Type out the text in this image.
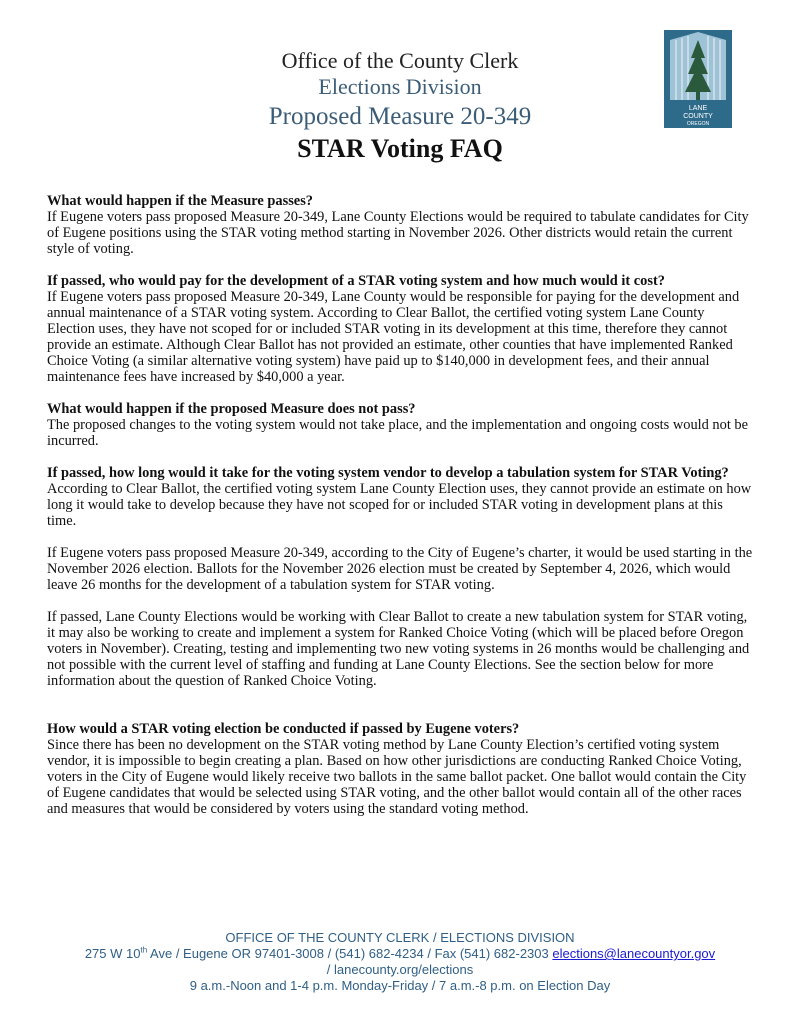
Office of the County Clerk
Elections Division
Proposed Measure 20-349
STAR Voting FAQ
LANE
COUNTY
OREGON
What would happen if the Measure passes?
If Eugene voters pass proposed Measure 20-349, Lane County Elections would be required to tabulate candidates for City of Eugene positions using the STAR voting method starting in November 2026. Other districts would retain the current style of voting.
If passed, who would pay for the development of a STAR voting system and how much would it cost?
If Eugene voters pass proposed Measure 20-349, Lane County would be responsible for paying for the development and annual maintenance of a STAR voting system. According to Clear Ballot, the certified voting system Lane County Election uses, they have not scoped for or included STAR voting in its development at this time, therefore they cannot provide an estimate. Although Clear Ballot has not provided an estimate, other counties that have implemented Ranked Choice Voting (a similar alternative voting system) have paid up to $140,000 in development fees, and their annual maintenance fees have increased by $40,000 a year.
What would happen if the proposed Measure does not pass?
The proposed changes to the voting system would not take place, and the implementation and ongoing costs would not be incurred.
If passed, how long would it take for the voting system vendor to develop a tabulation system for STAR Voting?
According to Clear Ballot, the certified voting system Lane County Election uses, they cannot provide an estimate on how long it would take to develop because they have not scoped for or included STAR voting in development plans at this time.
If Eugene voters pass proposed Measure 20-349, according to the City of Eugene’s charter, it would be used starting in the November 2026 election. Ballots for the November 2026 election must be created by September 4, 2026, which would leave 26 months for the development of a tabulation system for STAR voting.
If passed, Lane County Elections would be working with Clear Ballot to create a new tabulation system for STAR voting, it may also be working to create and implement a system for Ranked Choice Voting (which will be placed before Oregon voters in November). Creating, testing and implementing two new voting systems in 26 months would be challenging and not possible with the current level of staffing and funding at Lane County Elections. See the section below for more information about the question of Ranked Choice Voting.
How would a STAR voting election be conducted if passed by Eugene voters?
Since there has been no development on the STAR voting method by Lane County Election’s certified voting system vendor, it is impossible to begin creating a plan. Based on how other jurisdictions are conducting Ranked Choice Voting, voters in the City of Eugene would likely receive two ballots in the same ballot packet. One ballot would contain the City of Eugene candidates that would be selected using STAR voting, and the other ballot would contain all of the other races and measures that would be considered by voters using the standard voting method.
OFFICE OF THE COUNTY CLERK / ELECTIONS DIVISION
275 W 10th Ave / Eugene OR 97401-3008 / (541) 682-4234 / Fax (541) 682-2303 elections@lanecountyor.gov
/ lanecounty.org/elections
9 a.m.-Noon and 1-4 p.m. Monday-Friday / 7 a.m.-8 p.m. on Election Day
